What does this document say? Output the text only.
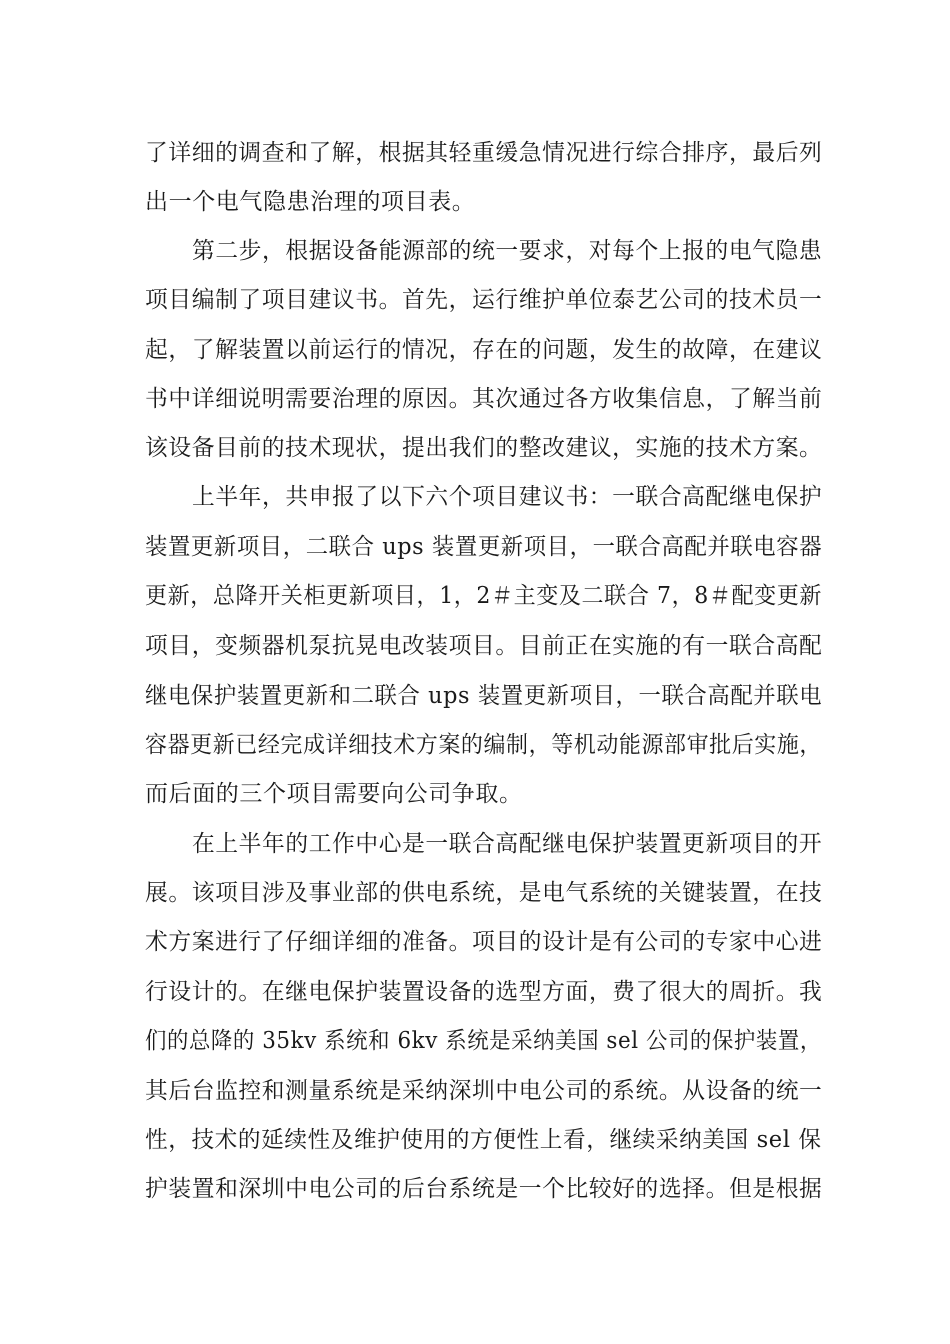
了详细的调查和了解，根据其轻重缓急情况进行综合排序，最后列
出一个电气隐患治理的项目表。
第二步，根据设备能源部的统一要求，对每个上报的电气隐患
项目编制了项目建议书。首先，运行维护单位泰艺公司的技术员一
起，了解装置以前运行的情况，存在的问题，发生的故障，在建议
书中详细说明需要治理的原因。其次通过各方收集信息，了解当前
该设备目前的技术现状，提出我们的整改建议，实施的技术方案。
上半年，共申报了以下六个项目建议书：一联合高配继电保护
装置更新项目，二联合 ups 装置更新项目，一联合高配并联电容器
更新，总降开关柜更新项目，1，2＃主变及二联合 7，8＃配变更新
项目，变频器机泵抗晃电改装项目。目前正在实施的有一联合高配
继电保护装置更新和二联合 ups 装置更新项目，一联合高配并联电
容器更新已经完成详细技术方案的编制，等机动能源部审批后实施，
而后面的三个项目需要向公司争取。
在上半年的工作中心是一联合高配继电保护装置更新项目的开
展。该项目涉及事业部的供电系统，是电气系统的关键装置，在技
术方案进行了仔细详细的准备。项目的设计是有公司的专家中心进
行设计的。在继电保护装置设备的选型方面，费了很大的周折。我
们的总降的 35kv 系统和 6kv 系统是采纳美国 sel 公司的保护装置，
其后台监控和测量系统是采纳深圳中电公司的系统。从设备的统一
性，技术的延续性及维护使用的方便性上看，继续采纳美国 sel 保
护装置和深圳中电公司的后台系统是一个比较好的选择。但是根据
